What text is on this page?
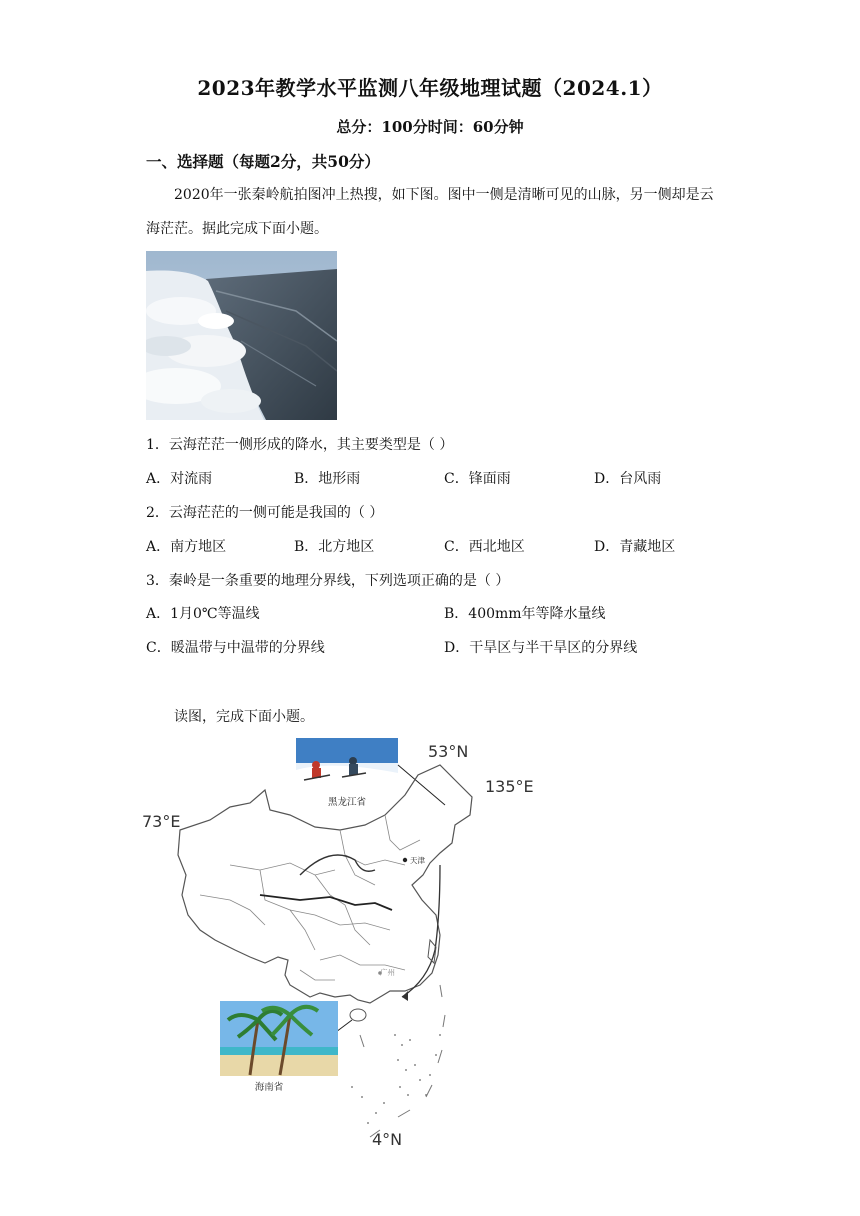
2023年教学水平监测八年级地理试题（2024.1）
总分：100分时间：60分钟
一、选择题（每题2分，共50分）
2020年一张秦岭航拍图冲上热搜，如下图。图中一侧是清晰可见的山脉，另一侧却是云海茫茫。据此完成下面小题。
1．云海茫茫一侧形成的降水，其主要类型是（ ）
A．对流雨	B．地形雨	C．锋面雨	D．台风雨
2．云海茫茫的一侧可能是我国的（ ）
A．南方地区	B．北方地区	C．西北地区	D．青藏地区
3．秦岭是一条重要的地理分界线，下列选项正确的是（ ）
A．1月0℃等温线	B．400mm年等降水量线
C．暖温带与中温带的分界线	D．干旱区与半干旱区的分界线
读图，完成下面小题。
黑龙江省
53°N
135°E
73°E
4°N
天津
广州
海南省
